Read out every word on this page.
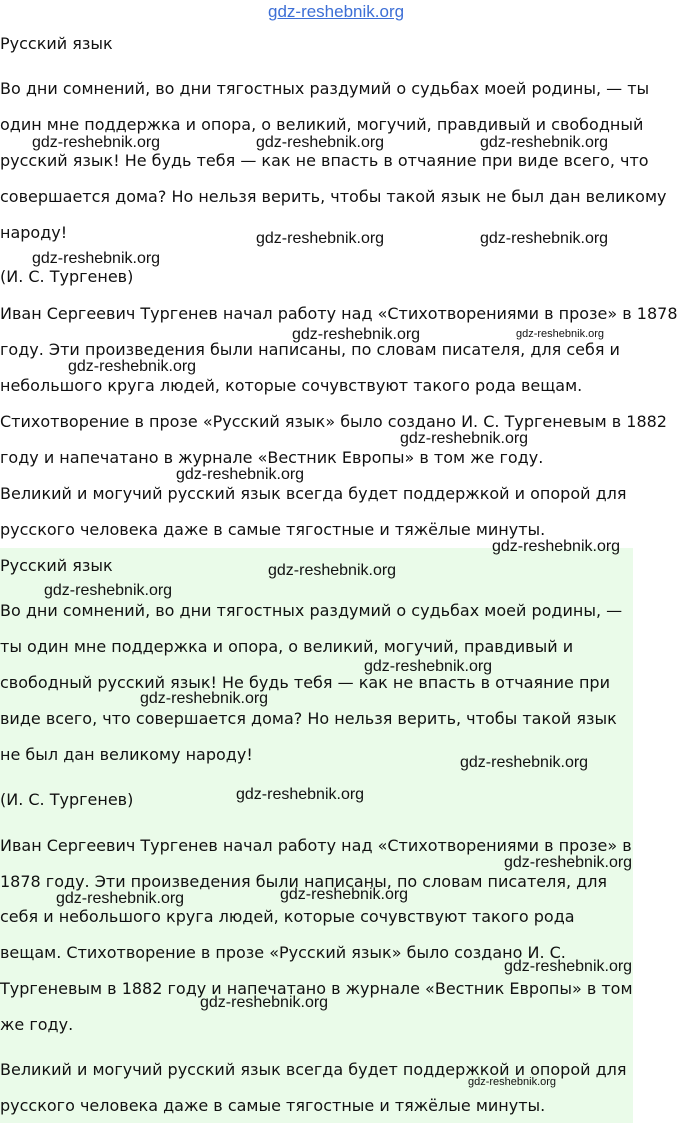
gdz-reshebnik.org

Русский язык

Во дни сомнений, во дни тягостных раздумий о судьбах моей родины, — ты

один мне поддержка и опора, о великий, могучий, правдивый и свободный

русский язык! Не будь тебя — как не впасть в отчаяние при виде всего, что

совершается дома? Но нельзя верить, чтобы такой язык не был дан великому

народу!

(И. С. Тургенев)

Иван Сергеевич Тургенев начал работу над «Стихотворениями в прозе» в 1878

году. Эти произведения были написаны, по словам писателя, для себя и

небольшого круга людей, которые сочувствуют такого рода вещам.

Стихотворение в прозе «Русский язык» было создано И. С. Тургеневым в 1882

году и напечатано в журнале «Вестник Европы» в том же году.

Великий и могучий русский язык всегда будет поддержкой и опорой для

русского человека даже в самые тягостные и тяжёлые минуты.

Русский язык

Во дни сомнений, во дни тягостных раздумий о судьбах моей родины, —

ты один мне поддержка и опора, о великий, могучий, правдивый и

свободный русский язык! Не будь тебя — как не впасть в отчаяние при

виде всего, что совершается дома? Но нельзя верить, чтобы такой язык

не был дан великому народу!

(И. С. Тургенев)

Иван Сергеевич Тургенев начал работу над «Стихотворениями в прозе» в

1878 году. Эти произведения были написаны, по словам писателя, для

себя и небольшого круга людей, которые сочувствуют такого рода

вещам. Стихотворение в прозе «Русский язык» было создано И. С.

Тургеневым в 1882 году и напечатано в журнале «Вестник Европы» в том

же году.

Великий и могучий русский язык всегда будет поддержкой и опорой для

русского человека даже в самые тягостные и тяжёлые минуты.

gdz-reshebnik.org	gdz-reshebnik.org	gdz-reshebnik.org

gdz-reshebnik.org	gdz-reshebnik.org

gdz-reshebnik.org

gdz-reshebnik.org	gdz-reshebnik.org

gdz-reshebnik.org

gdz-reshebnik.org

gdz-reshebnik.org

gdz-reshebnik.org

gdz-reshebnik.org

gdz-reshebnik.org

gdz-reshebnik.org

gdz-reshebnik.org

gdz-reshebnik.org

gdz-reshebnik.org

gdz-reshebnik.org

gdz-reshebnik.org

gdz-reshebnik.org

gdz-reshebnik.org

gdz-reshebnik.org

gdz-reshebnik.org
